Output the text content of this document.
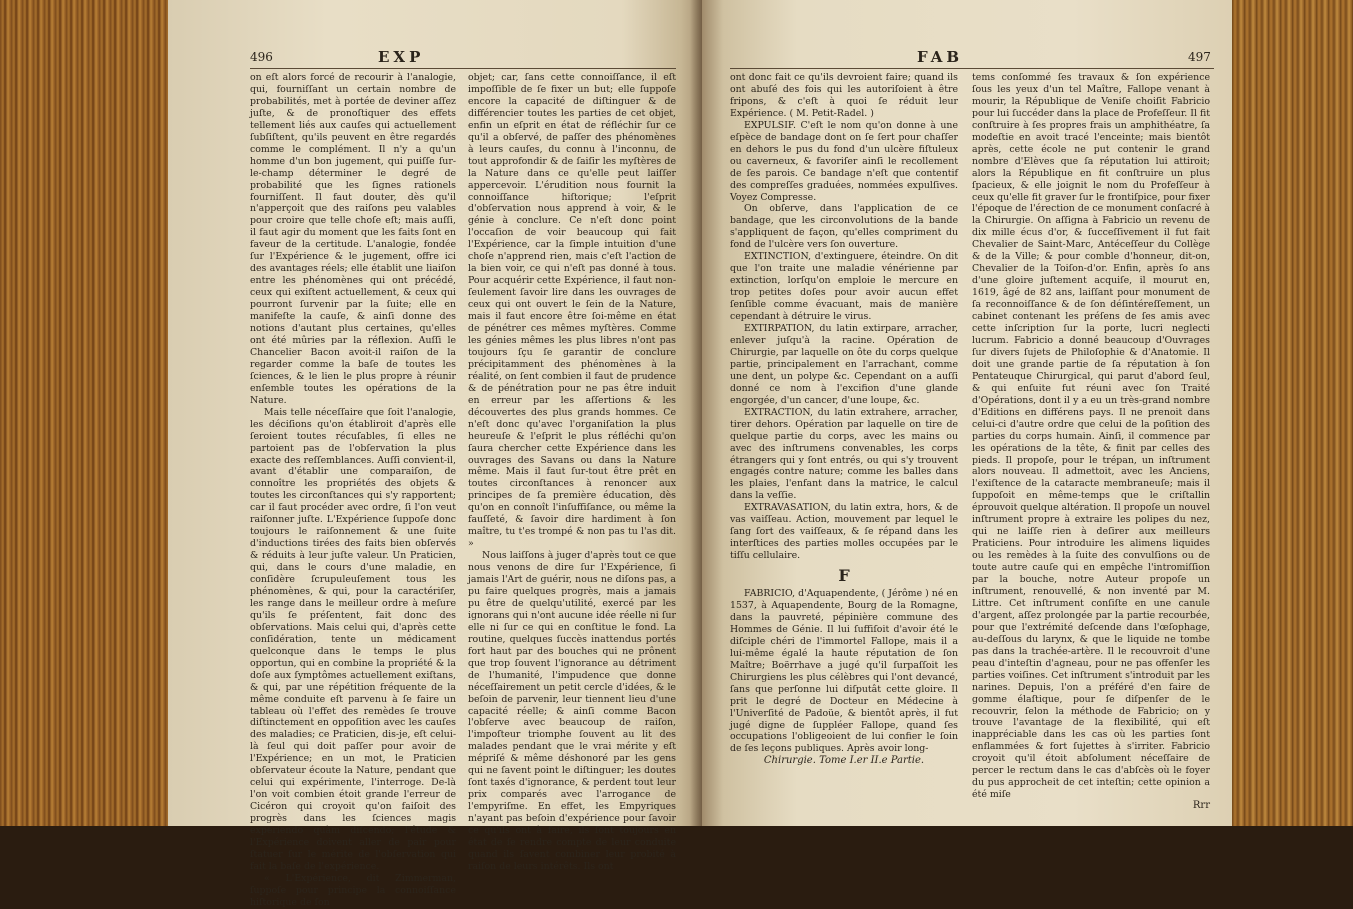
496	EXP

on eſt alors forcé de recourir à l'analogie, qui, fourniſſant un certain nombre de probabilités, met à portée de deviner aſſez juſte, & de pronoſtiquer des effets tellement liés aux cauſes qui actuellement ſubſiſtent, qu'ils peuvent en être regardés comme le complément. Il n'y a qu'un homme d'un bon jugement, qui puiſſe ſur-le-champ déterminer le degré de probabilité que les ſignes rationels fourniſſent. Il faut douter, dès qu'il n'apperçoit que des raiſons peu valables pour croire que telle choſe eſt; mais auſſi, il faut agir du moment que les faits ſont en faveur de la certitude. L'analogie, fondée ſur l'Expérience & le jugement, offre ici des avantages réels; elle établit une liaiſon entre les phénomènes qui ont précédé, ceux qui exiſtent actuellement, & ceux qui pourront ſurvenir par la ſuite; elle en manifeſte la cauſe, & ainſi donne des notions d'autant plus certaines, qu'elles ont été mûries par la réflexion. Auſſi le Chancelier Bacon avoit-il raiſon de la regarder comme la baſe de toutes les ſciences, & le lien le plus propre à réunir enſemble toutes les opérations de la Nature.

Mais telle néceſſaire que ſoit l'analogie, les déciſions qu'on établiroit d'après elle ſeroient toutes récuſables, ſi elles ne partoient pas de l'obſervation la plus exacte des reſſemblances. Auſſi convient-il, avant d'établir une comparaiſon, de connoître les propriétés des objets & toutes les circonſtances qui s'y rapportent; car il faut procéder avec ordre, ſi l'on veut raiſonner juſte. L'Expérience ſuppoſe donc toujours le raiſonnement & une ſuite d'inductions tirées des faits bien obſervés & réduits à leur juſte valeur. Un Praticien, qui, dans le cours d'une maladie, en conſidère ſcrupuleuſement tous les phénomènes, & qui, pour la caractériſer, les range dans le meilleur ordre à meſure qu'ils ſe préſentent, fait donc des obſervations. Mais celui qui, d'après cette conſidération, tente un médicament quelconque dans le temps le plus opportun, qui en combine la propriété & la doſe aux ſymptômes actuellement exiſtans, & qui, par une répétition fréquente de la même conduite eſt parvenu à ſe faire un tableau où l'effet des remèdes ſe trouve diſtinctement en oppoſition avec les cauſes des maladies; ce Praticien, dis-je, eſt celui-là ſeul qui doit paſſer pour avoir de l'Expérience; en un mot, le Praticien obſervateur écoute la Nature, pendant que celui qui expérimente, l'interroge. De-là l'on voit combien étoit grande l'erreur de Cicéron qui croyoit qu'on faiſoit des progrès dans les ſciences magis experiendo quàm diſcendo; l'étude & l'Expérience doivent aller de pair pour ſtatuer ſur le mérite de l'obſervation qui fait la baſe de l'expérience.

« L'Expérience, dit Zimmerman, ſuppoſe pour principe la connoiſſance hiſtorique de ſon

objet; car, ſans cette connoiſſance, il eſt impoſſible de ſe fixer un but; elle ſuppoſe encore la capacité de diſtinguer & de différencier toutes les parties de cet objet, enfin un eſprit en état de réfléchir ſur ce qu'il a obſervé, de paſſer des phénomènes à leurs cauſes, du connu à l'inconnu, de tout approfondir & de ſaiſir les myſtères de la Nature dans ce qu'elle peut laiſſer appercevoir. L'érudition nous fournit la connoiſſance hiſtorique; l'eſprit d'obſervation nous apprend à voir, & le génie à conclure. Ce n'eſt donc point l'occaſion de voir beaucoup qui fait l'Expérience, car la ſimple intuition d'une choſe n'apprend rien, mais c'eſt l'action de la bien voir, ce qui n'eſt pas donné à tous. Pour acquérir cette Expérience, il faut non-ſeulement ſavoir lire dans les ouvrages de ceux qui ont ouvert le ſein de la Nature, mais il faut encore être ſoi-même en état de pénétrer ces mêmes myſtères. Comme les génies mêmes les plus libres n'ont pas toujours ſçu ſe garantir de conclure précipitamment des phénomènes à la réalité, on ſent combien il faut de prudence & de pénétration pour ne pas être induit en erreur par les aſſertions & les découvertes des plus grands hommes. Ce n'eſt donc qu'avec l'organiſation la plus heureuſe & l'eſprit le plus réfléchi qu'on ſaura chercher cette Expérience dans les ouvrages des Savans ou dans la Nature même. Mais il faut ſur-tout être prêt en toutes circonſtances à renoncer aux principes de ſa première éducation, dès qu'on en connoît l'inſuffiſance, ou même la fauſſeté, & ſavoir dire hardiment à ſon maître, tu t'es trompé & non pas tu l'as dit. »

Nous laiſſons à juger d'après tout ce que nous venons de dire ſur l'Expérience, ſi jamais l'Art de guérir, nous ne diſons pas, a pu faire quelques progrès, mais a jamais pu être de quelqu'utilité, exercé par les ignorans qui n'ont aucune idée réelle ni ſur elle ni ſur ce qui en conſtitue le fond. La routine, quelques ſuccès inattendus portés fort haut par des bouches qui ne prônent que trop ſouvent l'ignorance au détriment de l'humanité, l'impudence que donne néceſſairement un petit cercle d'idées, & le beſoin de parvenir, leur tiennent lieu d'une capacité réelle; & ainſi comme Bacon l'obſerve avec beaucoup de raiſon, l'impoſteur triomphe ſouvent au lit des malades pendant que le vrai mérite y eſt mépriſé & même déshonoré par les gens qui ne ſavent point le diſtinguer; les doutes ſont taxés d'ignorance, & perdent tout leur prix comparés avec l'arrogance de l'empyriſme. En effet, les Empyriques n'ayant pas beſoin d'expérience pour ſavoir ce qu'ils ont à faire, ils ſont toujours en état de ſe rendre compte de leur conduite quand ils ſavent combiner leur probité à raiſon de leurs intérêts. Ils ont

FAB	497

ont donc fait ce qu'ils devroient faire; quand ils ont abuſé des fois qui les autoriſoient à être fripons, & c'eſt à quoi ſe réduit leur Expérience. ( M. Petit-Radel. )

EXPULSIF. C'eſt le nom qu'on donne à une eſpèce de bandage dont on ſe ſert pour chaſſer en dehors le pus du fond d'un ulcère fiſtuleux ou caverneux, & favoriſer ainſi le recollement de ſes parois. Ce bandage n'eſt que contentif des compreſſes graduées, nommées expulſives. Voyez Compresse.

On obſerve, dans l'application de ce bandage, que les circonvolutions de la bande s'appliquent de façon, qu'elles compriment du fond de l'ulcère vers ſon ouverture.

EXTINCTION, d'extinguere, éteindre. On dit que l'on traite une maladie vénérienne par extinction, lorſqu'on emploie le mercure en trop petites doſes pour avoir aucun effet ſenſible comme évacuant, mais de manière cependant à détruire le virus.

EXTIRPATION, du latin extirpare, arracher, enlever juſqu'à la racine. Opération de Chirurgie, par laquelle on ôte du corps quelque partie, principalement en l'arrachant, comme une dent, un polype &c. Cependant on a auſſi donné ce nom à l'excifion d'une glande engorgée, d'un cancer, d'une loupe, &c.

EXTRACTION, du latin extrahere, arracher, tirer dehors. Opération par laquelle on tire de quelque partie du corps, avec les mains ou avec des inſtrumens convenables, les corps étrangers qui y ſont entrés, ou qui s'y trouvent engagés contre nature; comme les balles dans les plaies, l'enfant dans la matrice, le calcul dans la veſſie.

EXTRAVASATION, du latin extra, hors, & de vas vaiſſeau. Action, mouvement par lequel le ſang ſort des vaiſſeaux, & ſe répand dans les interſtices des parties molles occupées par le tiſſu cellulaire.

F

FABRICIO, d'Aquapendente, ( Jérôme ) né en 1537, à Aquapendente, Bourg de la Romagne, dans la pauvreté, pépinière commune des Hommes de Génie. Il lui ſuffiſoit d'avoir été le diſciple chéri de l'immortel Fallope, mais il a lui-même égalé la haute réputation de ſon Maître; Boërrhave a jugé qu'il ſurpaſſoit les Chirurgiens les plus célèbres qui l'ont devancé, ſans que perſonne lui diſputât cette gloire. Il prit le degré de Docteur en Médecine à l'Univerſité de Padoüe, & bientôt après, il fut jugé digne de ſuppléer Fallope, quand ſes occupations l'obligeoient de lui confier le ſoin de ſes leçons publiques. Après avoir long-

Chirurgie. Tome I.er II.e Partie.

tems conſommé ſes travaux & ſon expérience ſous les yeux d'un tel Maître, Fallope venant à mourir, la République de Veniſe choiſit Fabricio pour lui ſuccéder dans la place de Profeſſeur. Il fit conſtruire à ſes propres frais un amphithéatre, ſa modeſtie en avoit tracé l'enceinte; mais bientôt après, cette école ne put contenir le grand nombre d'Elèves que ſa réputation lui attiroit; alors la République en fit conſtruire un plus ſpacieux, & elle joignit le nom du Profeſſeur à ceux qu'elle fit graver ſur le frontiſpice, pour fixer l'époque de l'érection de ce monument conſacré à la Chirurgie. On aſſigna à Fabricio un revenu de dix mille écus d'or, & ſucceſſivement il fut fait Chevalier de Saint-Marc, Antéceſſeur du Collège & de la Ville; & pour comble d'honneur, dit-on, Chevalier de la Toiſon-d'or. Enfin, après ſo ans d'une gloire juſtement acquiſe, il mourut en, 1619, âgé de 82 ans, laiſſant pour monument de ſa reconnoiſſance & de ſon déſintéreſſement, un cabinet contenant les préſens de ſes amis avec cette inſcription ſur la porte, lucri neglecti lucrum. Fabricio a donné beaucoup d'Ouvrages ſur divers ſujets de Philoſophie & d'Anatomie. Il doit une grande partie de ſa réputation à ſon Pentateuque Chirurgical, qui parut d'abord ſeul, & qui enſuite fut réuni avec ſon Traité d'Opérations, dont il y a eu un très-grand nombre d'Editions en différens pays. Il ne prenoit dans celui-ci d'autre ordre que celui de la poſition des parties du corps humain. Ainſi, il commence par les opérations de la tête, & finit par celles des pieds. Il propoſe, pour le trépan, un inſtrument alors nouveau. Il admettoit, avec les Anciens, l'exiſtence de la cataracte membraneuſe; mais il ſuppoſoit en même-temps que le criſtallin éprouvoit quelque altération. Il propoſe un nouvel inſtrument propre à extraire les polipes du nez, qui ne laiſſe rien à deſirer aux meilleurs Praticiens. Pour introduire les alimens liquides ou les remèdes à la ſuite des convulſions ou de toute autre cauſe qui en empêche l'intromiſſion par la bouche, notre Auteur propoſe un inſtrument, renouvellé, & non inventé par M. Littre. Cet inſtrument conſiſte en une canule d'argent, aſſez prolongée par la partie recourbée, pour que l'extrémité deſcende dans l'œſophage, au-deſſous du larynx, & que le liquide ne tombe pas dans la trachée-artère. Il le recouvroit d'une peau d'inteſtin d'agneau, pour ne pas offenſer les parties voiſines. Cet inſtrument s'introduit par les narines. Depuis, l'on a préféré d'en faire de gomme élaſtique, pour ſe diſpenſer de le recouvrir, ſelon la méthode de Fabricio; on y trouve l'avantage de la flexibilité, qui eſt inappréciable dans les cas où les parties ſont enflammées & fort ſujettes à s'irriter. Fabricio croyoit qu'il étoit abſolument néceſſaire de percer le rectum dans le cas d'abſcès où le foyer du pus approcheit de cet inteſtin; cette opinion a été miſe

Rrr
